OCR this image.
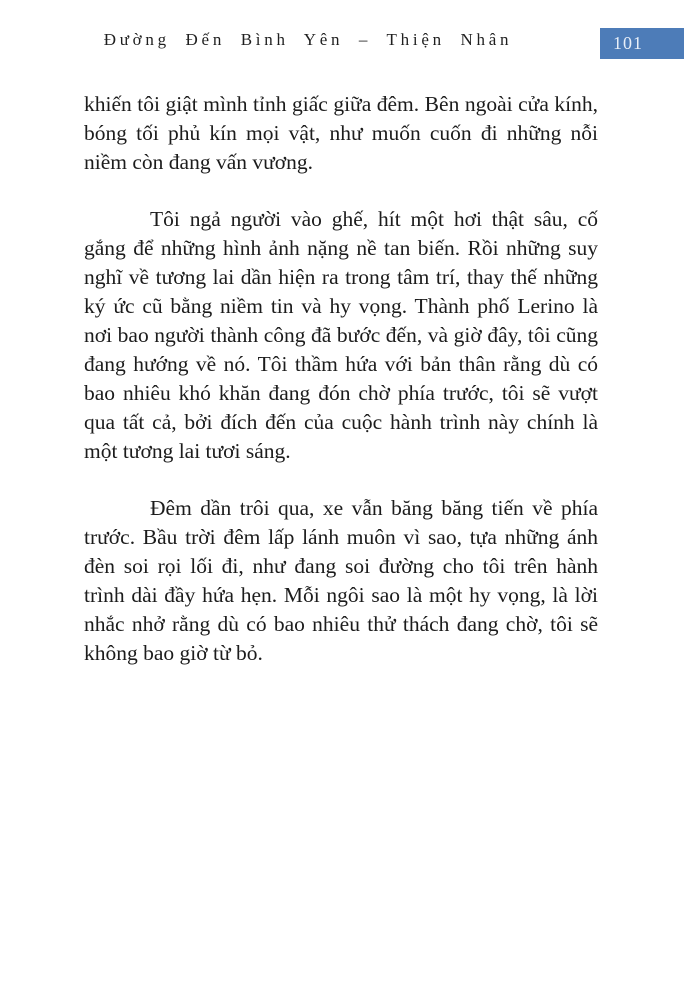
Đường Đến Bình Yên – Thiện Nhân	101

khiến tôi giật mình tỉnh giấc giữa đêm. Bên ngoài cửa kính, bóng tối phủ kín mọi vật, như muốn cuốn đi những nỗi niềm còn đang vấn vương.

Tôi ngả người vào ghế, hít một hơi thật sâu, cố gắng để những hình ảnh nặng nề tan biến. Rồi những suy nghĩ về tương lai dần hiện ra trong tâm trí, thay thế những ký ức cũ bằng niềm tin và hy vọng. Thành phố Lerino là nơi bao người thành công đã bước đến, và giờ đây, tôi cũng đang hướng về nó. Tôi thầm hứa với bản thân rằng dù có bao nhiêu khó khăn đang đón chờ phía trước, tôi sẽ vượt qua tất cả, bởi đích đến của cuộc hành trình này chính là một tương lai tươi sáng.

Đêm dần trôi qua, xe vẫn băng băng tiến về phía trước. Bầu trời đêm lấp lánh muôn vì sao, tựa những ánh đèn soi rọi lối đi, như đang soi đường cho tôi trên hành trình dài đầy hứa hẹn. Mỗi ngôi sao là một hy vọng, là lời nhắc nhở rằng dù có bao nhiêu thử thách đang chờ, tôi sẽ không bao giờ từ bỏ.
